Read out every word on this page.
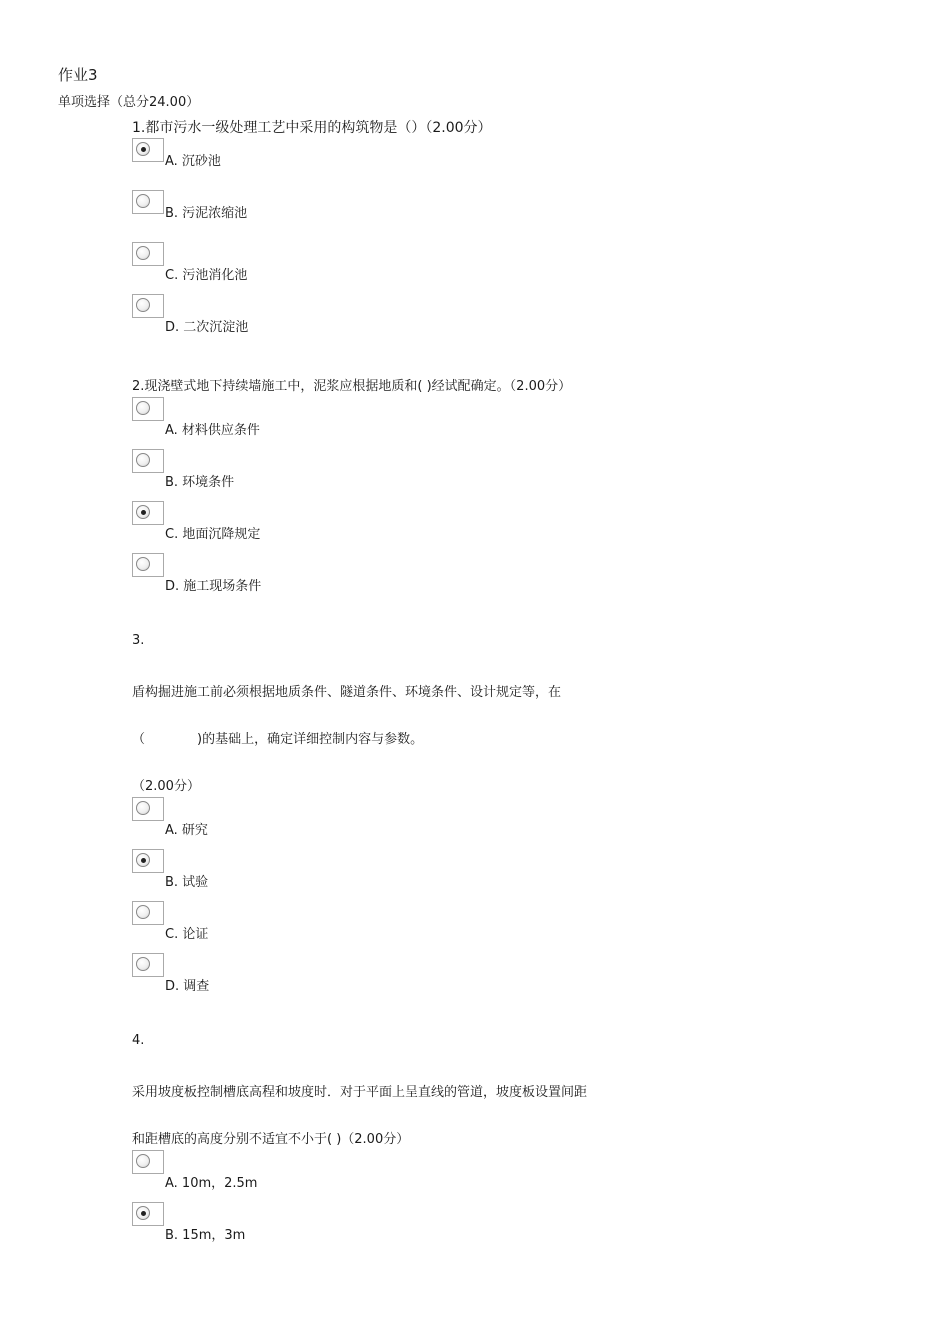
作业3
单项选择（总分24.00）
1.都市污水一级处理工艺中采用的构筑物是（）（2.00分）
A. 沉砂池
B. 污泥浓缩池
C. 污池消化池
D. 二次沉淀池
2.现浇壁式地下持续墙施工中，泥浆应根据地质和( )经试配确定。（2.00分）
A. 材料供应条件
B. 环境条件
C. 地面沉降规定
D. 施工现场条件
3.
盾构掘进施工前必须根据地质条件、隧道条件、环境条件、设计规定等，在
（　　　　)的基础上，确定详细控制内容与参数。
（2.00分）
A. 研究
B. 试验
C. 论证
D. 调查
4.
采用坡度板控制槽底高程和坡度时．对于平面上呈直线的管道，坡度板设置间距
和距槽底的高度分别不适宜不小于( )（2.00分）
A. 10m，2.5m
B. 15m，3m
